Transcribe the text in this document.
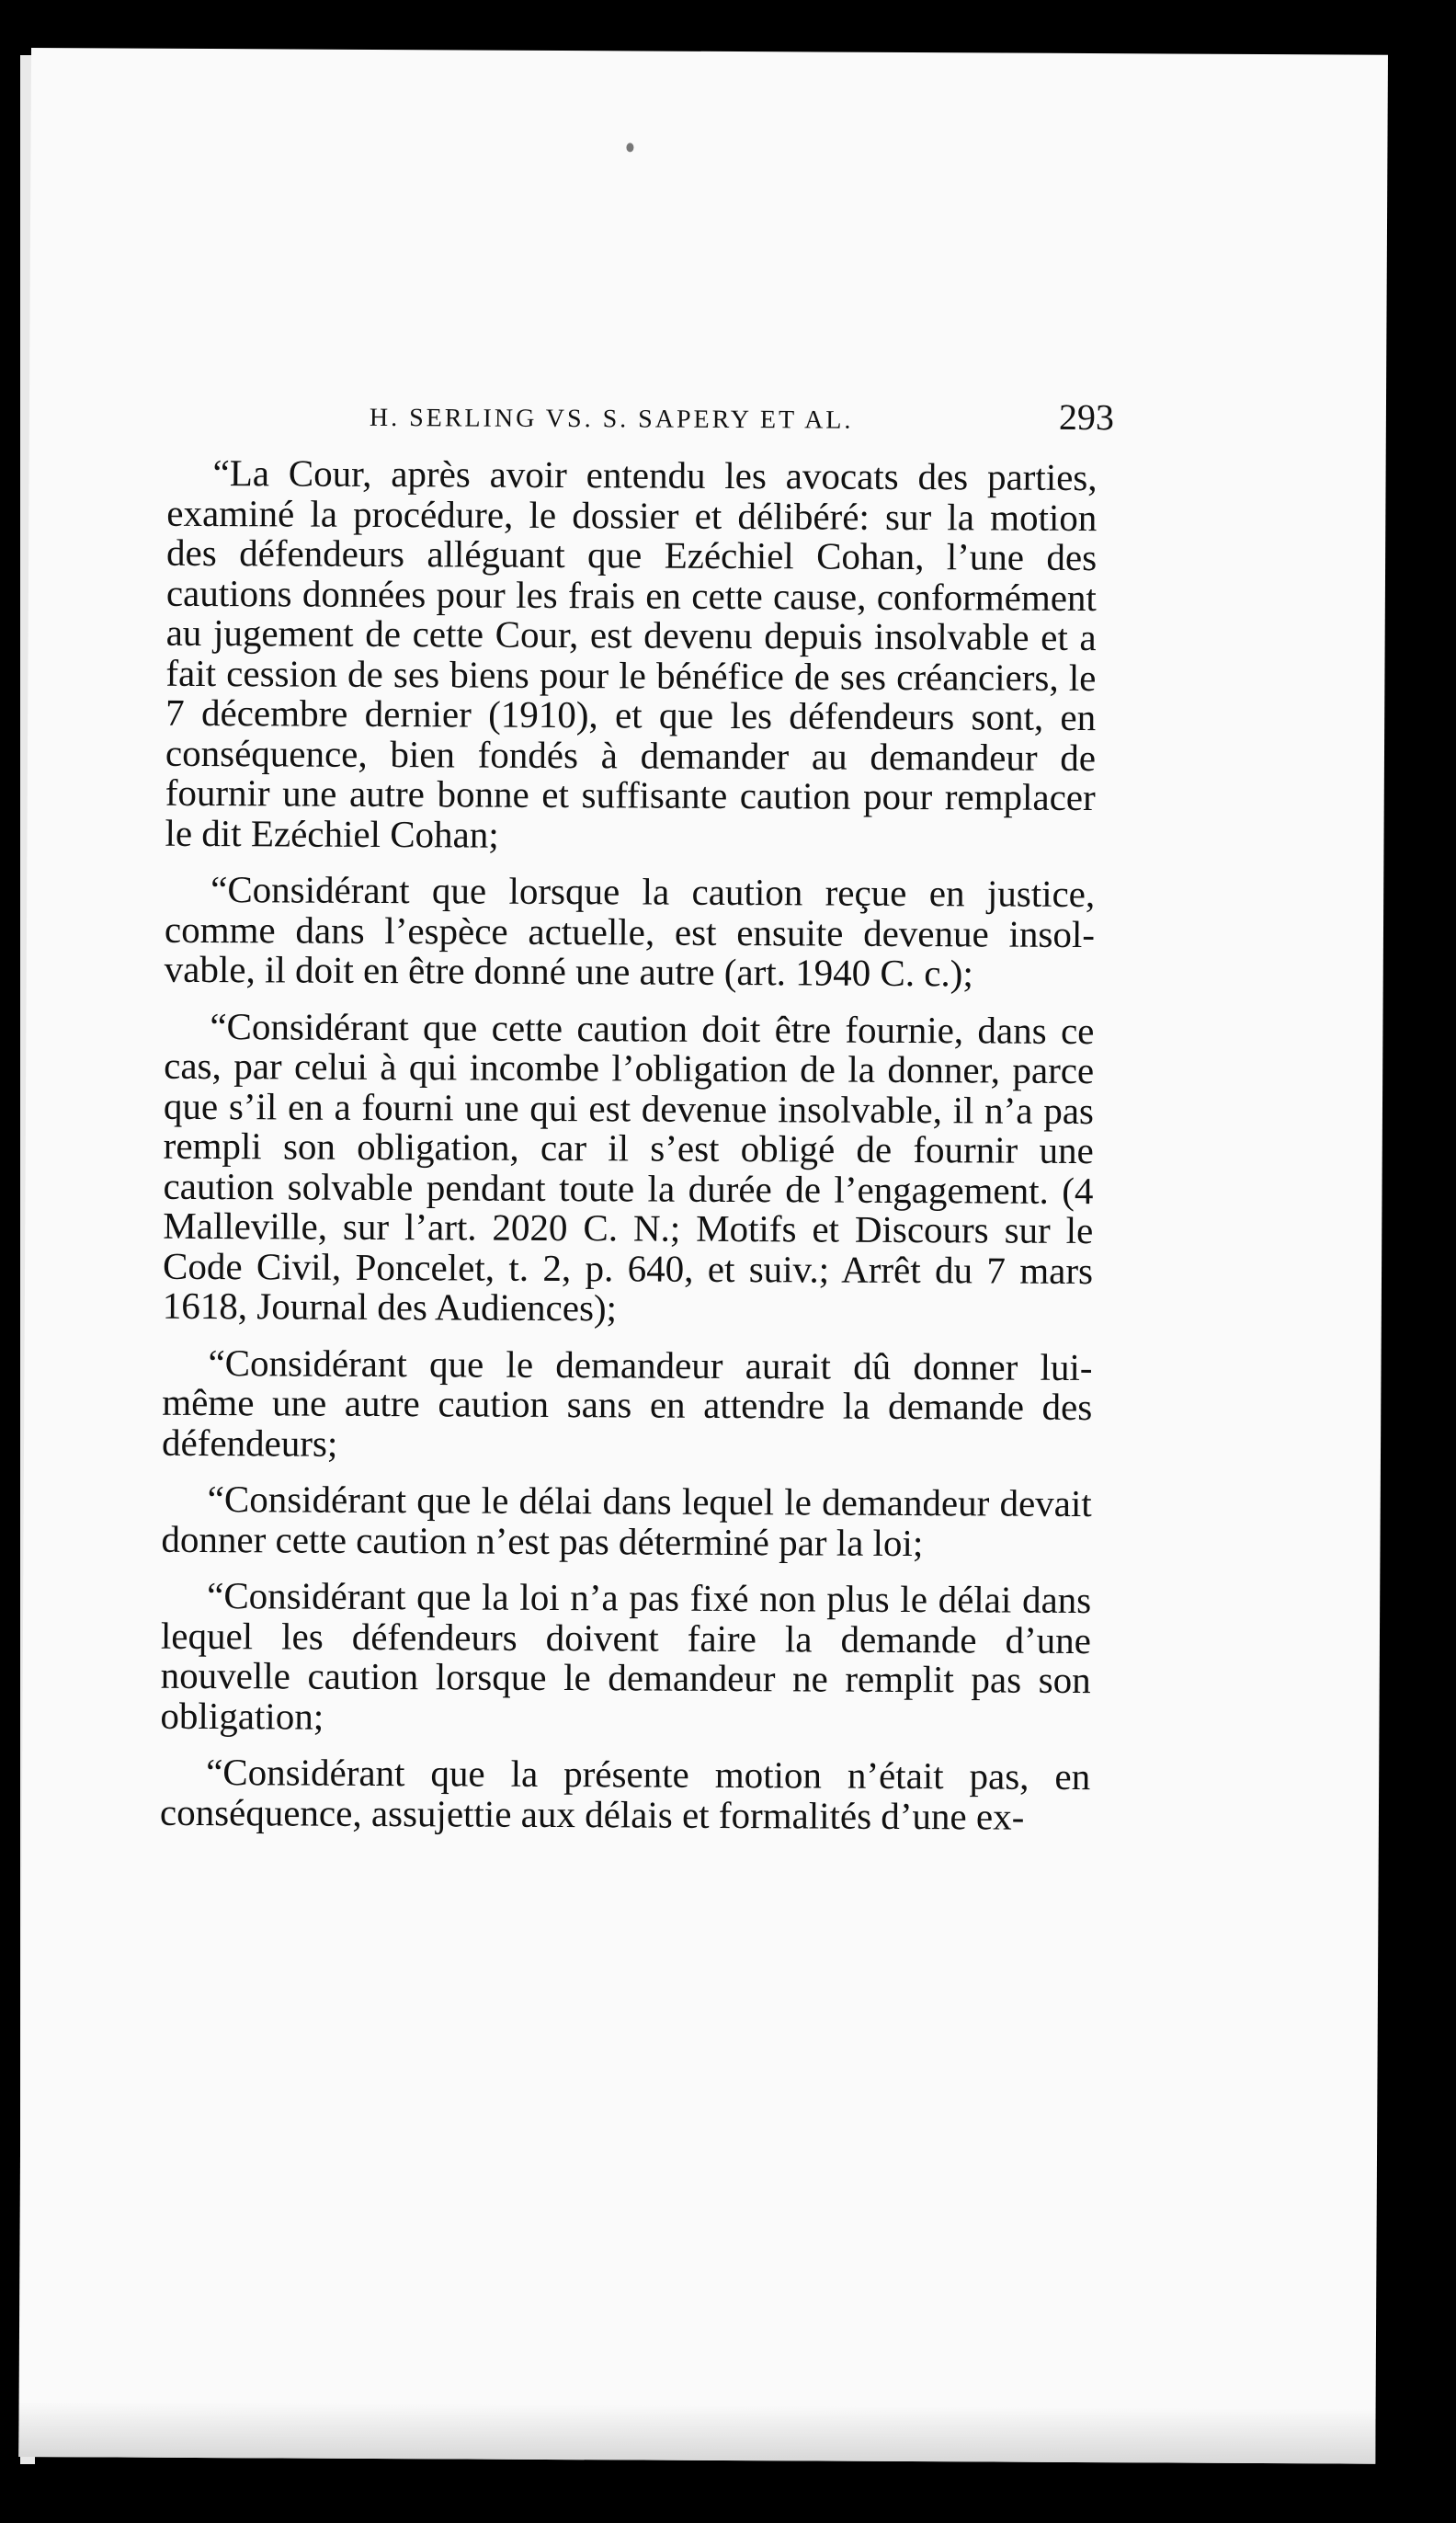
H. SERLING VS. S. SAPERY ET AL.	293

“La Cour, après avoir entendu les avocats des parties, examiné la procédure, le dossier et délibéré: sur la motion des défendeurs alléguant que Ezéchiel Cohan, l’une des cautions données pour les frais en cette cause, conformément au jugement de cette Cour, est devenu depuis insolvable et a fait cession de ses biens pour le bénéfice de ses créanciers, le 7 décembre dernier (1910), et que les défendeurs sont, en conséquence, bien fondés à demander au demandeur de fournir une autre bonne et suffisante caution pour remplacer le dit Ezéchiel Cohan;

“Considérant que lorsque la caution reçue en justice, comme dans l’espèce actuelle, est ensuite devenue insolvable, il doit en être donné une autre (art. 1940 C. c.);

“Considérant que cette caution doit être fournie, dans ce cas, par celui à qui incombe l’obligation de la donner, parce que s’il en a fourni une qui est devenue insolvable, il n’a pas rempli son obligation, car il s’est obligé de fournir une caution solvable pendant toute la durée de l’engagement. (4 Malleville, sur l’art. 2020 C. N.; Motifs et Discours sur le Code Civil, Poncelet, t. 2, p. 640, et suiv.; Arrêt du 7 mars 1618, Journal des Audiences);

“Considérant que le demandeur aurait dû donner lui-même une autre caution sans en attendre la demande des défendeurs;

“Considérant que le délai dans lequel le demandeur devait donner cette caution n’est pas déterminé par la loi;

“Considérant que la loi n’a pas fixé non plus le délai dans lequel les défendeurs doivent faire la demande d’une nouvelle caution lorsque le demandeur ne remplit pas son obligation;

“Considérant que la présente motion n’était pas, en conséquence, assujettie aux délais et formalités d’une ex-
